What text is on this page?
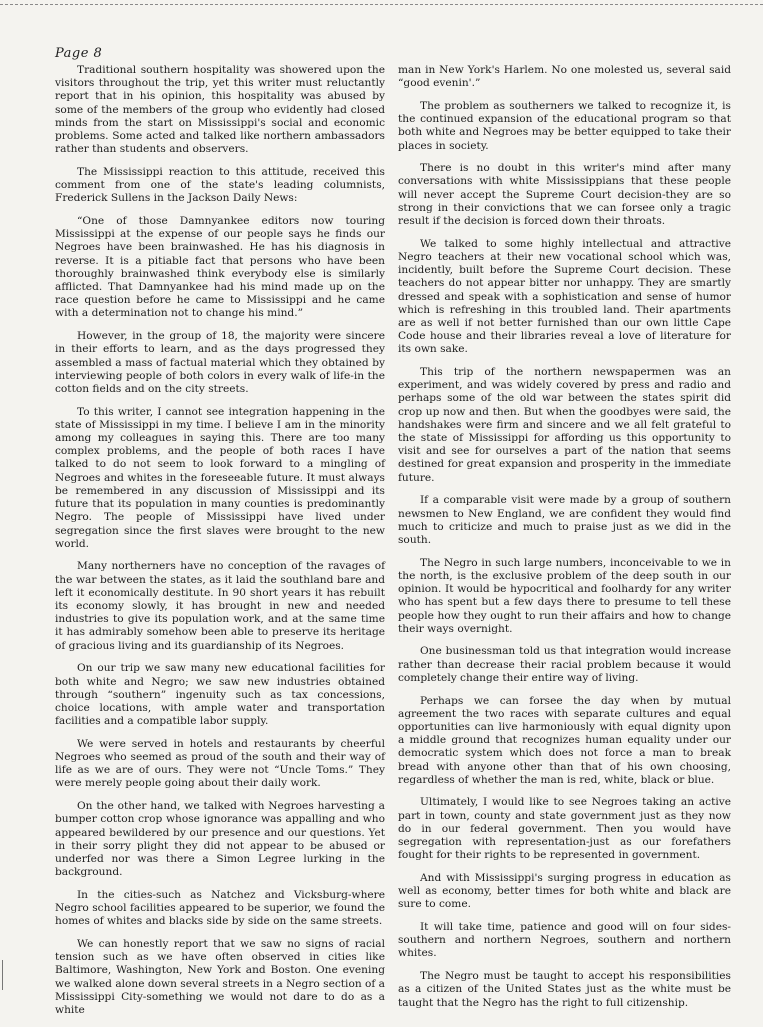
Page 8

Traditional southern hospitality was showered upon the visitors throughout the trip, yet this writer must reluctantly report that in his opinion, this hospitality was abused by some of the members of the group who evidently had closed minds from the start on Mississippi's social and economic problems. Some acted and talked like northern ambassadors rather than students and observers.

The Mississippi reaction to this attitude, received this comment from one of the state's leading columnists, Frederick Sullens in the Jackson Daily News:

“One of those Damnyankee editors now touring Mississippi at the expense of our people says he finds our Negroes have been brainwashed. He has his diagnosis in reverse. It is a pitiable fact that persons who have been thoroughly brainwashed think everybody else is similarly afflicted. That Damnyankee had his mind made up on the race question before he came to Mississippi and he came with a determination not to change his mind.”

However, in the group of 18, the majority were sincere in their efforts to learn, and as the days progressed they assembled a mass of factual material which they obtained by interviewing people of both colors in every walk of life-in the cotton fields and on the city streets.

To this writer, I cannot see integration happening in the state of Mississippi in my time. I believe I am in the minority among my colleagues in saying this. There are too many complex problems, and the people of both races I have talked to do not seem to look forward to a mingling of Negroes and whites in the foreseeable future. It must always be remembered in any discussion of Mississippi and its future that its population in many counties is predominantly Negro. The people of Mississippi have lived under segregation since the first slaves were brought to the new world.

Many northerners have no conception of the ravages of the war between the states, as it laid the southland bare and left it economically destitute. In 90 short years it has rebuilt its economy slowly, it has brought in new and needed industries to give its population work, and at the same time it has admirably somehow been able to preserve its heritage of gracious living and its guardianship of its Negroes.

On our trip we saw many new educational facilities for both white and Negro; we saw new industries obtained through “southern” ingenuity such as tax concessions, choice locations, with ample water and transportation facilities and a compatible labor supply.

We were served in hotels and restaurants by cheerful Negroes who seemed as proud of the south and their way of life as we are of ours. They were not “Uncle Toms.” They were merely people going about their daily work.

On the other hand, we talked with Negroes harvesting a bumper cotton crop whose ignorance was appalling and who appeared bewildered by our presence and our questions. Yet in their sorry plight they did not appear to be abused or underfed nor was there a Simon Legree lurking in the background.

In the cities-such as Natchez and Vicksburg-where Negro school facilities appeared to be superior, we found the homes of whites and blacks side by side on the same streets.

We can honestly report that we saw no signs of racial tension such as we have often observed in cities like Baltimore, Washington, New York and Boston. One evening we walked alone down several streets in a Negro section of a Mississippi City-something we would not dare to do as a white

man in New York's Harlem. No one molested us, several said “good evenin'.”

The problem as southerners we talked to recognize it, is the continued expansion of the educational program so that both white and Negroes may be better equipped to take their places in society.

There is no doubt in this writer's mind after many conversations with white Mississippians that these people will never accept the Supreme Court decision-they are so strong in their convictions that we can forsee only a tragic result if the decision is forced down their throats.

We talked to some highly intellectual and attractive Negro teachers at their new vocational school which was, incidently, built before the Supreme Court decision. These teachers do not appear bitter nor unhappy. They are smartly dressed and speak with a sophistication and sense of humor which is refreshing in this troubled land. Their apartments are as well if not better furnished than our own little Cape Code house and their libraries reveal a love of literature for its own sake.

This trip of the northern newspapermen was an experiment, and was widely covered by press and radio and perhaps some of the old war between the states spirit did crop up now and then. But when the goodbyes were said, the handshakes were firm and sincere and we all felt grateful to the state of Mississippi for affording us this opportunity to visit and see for ourselves a part of the nation that seems destined for great expansion and prosperity in the immediate future.

If a comparable visit were made by a group of southern newsmen to New England, we are confident they would find much to criticize and much to praise just as we did in the south.

The Negro in such large numbers, inconceivable to we in the north, is the exclusive problem of the deep south in our opinion. It would be hypocritical and foolhardy for any writer who has spent but a few days there to presume to tell these people how they ought to run their affairs and how to change their ways overnight.

One businessman told us that integration would increase rather than decrease their racial problem because it would completely change their entire way of living.

Perhaps we can forsee the day when by mutual agreement the two races with separate cultures and equal opportunities can live harmoniously with equal dignity upon a middle ground that recognizes human equality under our democratic system which does not force a man to break bread with anyone other than that of his own choosing, regardless of whether the man is red, white, black or blue.

Ultimately, I would like to see Negroes taking an active part in town, county and state government just as they now do in our federal government. Then you would have segregation with representation-just as our forefathers fought for their rights to be represented in government.

And with Mississippi's surging progress in education as well as economy, better times for both white and black are sure to come.

It will take time, patience and good will on four sides-southern and northern Negroes, southern and northern whites.

The Negro must be taught to accept his responsibilities as a citizen of the United States just as the white must be taught that the Negro has the right to full citizenship.
